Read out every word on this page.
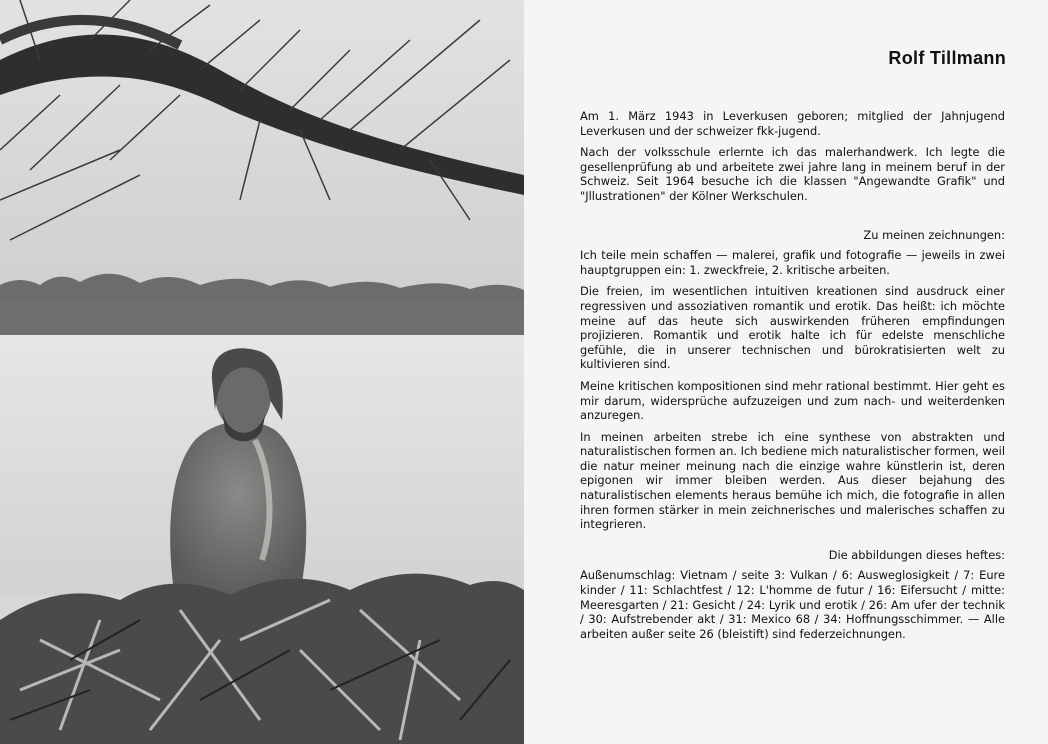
Rolf Tillmann

Am 1. März 1943 in Leverkusen geboren; mitglied der Jahnjugend Leverkusen und der schweizer fkk-jugend.

Nach der volksschule erlernte ich das malerhandwerk. Ich legte die gesellenprüfung ab und arbeitete zwei jahre lang in meinem beruf in der Schweiz. Seit 1964 besuche ich die klassen "Angewandte Grafik" und "Jllustrationen" der Kölner Werkschulen.

Zu meinen zeichnungen:

Ich teile mein schaffen — malerei, grafik und fotografie — jeweils in zwei hauptgruppen ein: 1. zweckfreie, 2. kritische arbeiten.

Die freien, im wesentlichen intuitiven kreationen sind ausdruck einer regressiven und assoziativen romantik und erotik. Das heißt: ich möchte meine auf das heute sich auswirkenden früheren empfindungen projizieren. Romantik und erotik halte ich für edelste menschliche gefühle, die in unserer technischen und bürokratisierten welt zu kultivieren sind.

Meine kritischen kompositionen sind mehr rational bestimmt. Hier geht es mir darum, widersprüche aufzuzeigen und zum nach- und weiterdenken anzuregen.

In meinen arbeiten strebe ich eine synthese von abstrakten und naturalistischen formen an. Ich bediene mich naturalistischer formen, weil die natur meiner meinung nach die einzige wahre künstlerin ist, deren epigonen wir immer bleiben werden. Aus dieser bejahung des naturalistischen elements heraus bemühe ich mich, die fotografie in allen ihren formen stärker in mein zeichnerisches und malerisches schaffen zu integrieren.

Die abbildungen dieses heftes:

Außenumschlag: Vietnam / seite 3: Vulkan / 6: Ausweglosigkeit / 7: Eure kinder / 11: Schlachtfest / 12: L'homme de futur / 16: Eifersucht / mitte: Meeresgarten / 21: Gesicht / 24: Lyrik und erotik / 26: Am ufer der technik / 30: Aufstrebender akt / 31: Mexico 68 / 34: Hoffnungsschimmer. — Alle arbeiten außer seite 26 (bleistift) sind federzeichnungen.
